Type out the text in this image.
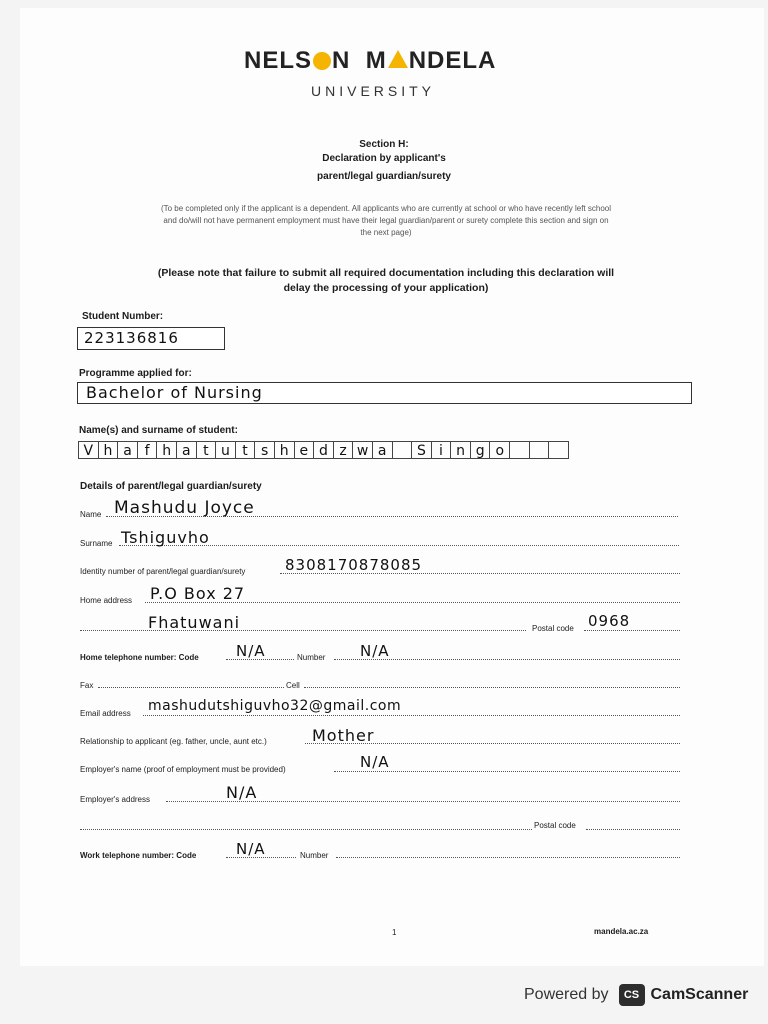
NELS N M NDELA
UNIVERSITY
Section H:
Declaration by applicant's
parent/legal guardian/surety
(To be completed only if the applicant is a dependent. All applicants who are currently at school or who have recently left school
and do/will not have permanent employment must have their legal guardian/parent or surety complete this section and sign on
the next page)
(Please note that failure to submit all required documentation including this declaration will
delay the processing of your application)
Student Number:
223136816
Programme applied for:
Bachelor of Nursing
Name(s) and surname of student:
V h a f h a t u t s h e d z w a	S i n g o
Details of parent/legal guardian/surety
Name Mashudu Joyce
Surname Tshiguvho
Identity number of parent/legal guardian/surety	8308170878085
Home address P.O Box 27
Fhatuwani	Postal code 0968
Home telephone number: Code N/A	Number N/A
Fax	Cell
Email address mashudutshiguvho32@gmail.com
Relationship to applicant (eg. father, uncle, aunt etc.)	Mother
Employer's name (proof of employment must be provided)	N/A
Employer's address	N/A
Postal code
Work telephone number: Code	N/A	Number
1	mandela.ac.za
Powered by	CS CamScanner
